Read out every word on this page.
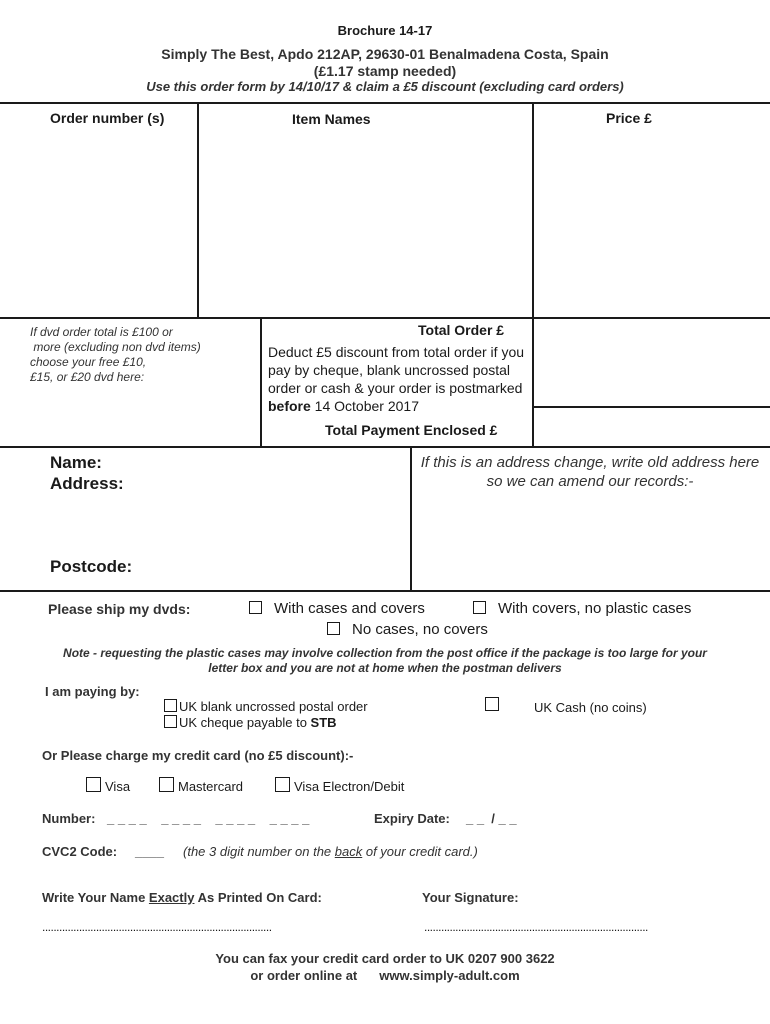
Brochure 14-17
Simply The Best, Apdo 212AP, 29630-01 Benalmadena Costa, Spain
(£1.17 stamp needed)
Use this order form by 14/10/17 & claim a £5 discount (excluding card orders)
Order number (s)	Item Names	Price £
If dvd order total is £100 or
more (excluding non dvd items)
choose your free £10,
£15, or £20 dvd here:
Total Order £
Deduct £5 discount from total order if you pay by cheque, blank uncrossed postal order or cash & your order is postmarked before 14 October 2017
Total Payment Enclosed £
Name:
Address:
Postcode:
If this is an address change, write old address here so we can amend our records:-
Please ship my dvds:	With cases and covers	With covers, no plastic cases
No cases, no covers
Note - requesting the plastic cases may involve collection from the post office if the package is too large for your letter box and you are not at home when the postman delivers
I am paying by:
UK blank uncrossed postal order
UK cheque payable to STB
UK Cash (no coins)
Or Please charge my credit card (no £5 discount):-
Visa	Mastercard	Visa Electron/Debit
Number: _ _ _ _    _ _ _ _    _ _ _ _    _ _ _ _	Expiry Date: _ _  / _ _
CVC2 Code: ____ (the 3 digit number on the back of your credit card.)
Write Your Name Exactly As Printed On Card:	Your Signature:
.................................................................................	...............................................................................
You can fax your credit card order to UK 0207 900 3622
or order online at www.simply-adult.com
